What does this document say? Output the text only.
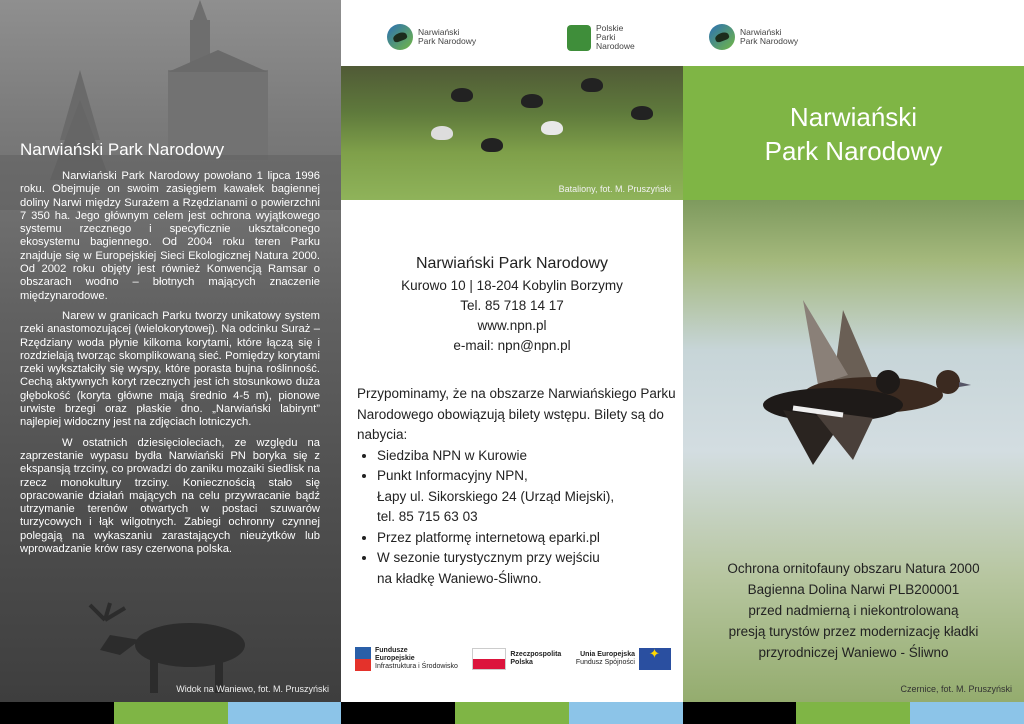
Narwiański Park Narodowy

Narwiański Park Narodowy powołano 1 lipca 1996 roku. Obejmuje on swoim zasięgiem kawałek bagiennej doliny Narwi między Surażem a Rzędzianami o powierzchni 7 350 ha. Jego głównym celem jest ochrona wyjątkowego systemu rzecznego i specyficznie ukształconego ekosystemu bagiennego. Od 2004 roku teren Parku znajduje się w Europejskiej Sieci Ekologicznej Natura 2000. Od 2002 roku objęty jest również Konwencją Ramsar o obszarach wodno – błotnych mających znaczenie międzynarodowe.

Narew w granicach Parku tworzy unikatowy system rzeki anastomozującej (wielokorytowej). Na odcinku Suraż – Rzędziany woda płynie kilkoma korytami, które łączą się i rozdzielają tworząc skomplikowaną sieć. Pomiędzy korytami rzeki wykształciły się wyspy, które porasta bujna roślinność. Cechą aktywnych koryt rzecznych jest ich stosunkowo duża głębokość (koryta główne mają średnio 4-5 m), pionowe urwiste brzegi oraz płaskie dno. „Narwiański labirynt” najlepiej widoczny jest na zdjęciach lotniczych.

W ostatnich dziesięcioleciach, ze względu na zaprzestanie wypasu bydła Narwiański PN boryka się z ekspansją trzciny, co prowadzi do zaniku mozaiki siedlisk na rzecz monokultury trzciny. Koniecznością stało się opracowanie działań mających na celu przywracanie bądź utrzymanie terenów otwartych w postaci szuwarów turzycowych i łąk wilgotnych. Zabiegi ochronny czynnej polegają na wykaszaniu zarastających nieużytków lub wprowadzanie krów rasy czerwona polska.

Widok na Waniewo, fot. M. Pruszyński
Narwiański
Park Narodowy
Polskie
Parki
Narodowe
Bataliony, fot. M. Pruszyński
Narwiański Park Narodowy
Kurowo 10 | 18-204 Kobylin Borzymy
Tel. 85 718 14 17
www.npn.pl
e-mail: npn@npn.pl
Przypominamy, że na obszarze Narwiańskiego Parku Narodowego obowiązują bilety wstępu. Bilety są do nabycia:
• Siedziba NPN w Kurowie
• Punkt Informacyjny NPN,
Łapy ul. Sikorskiego 24 (Urząd Miejski),
tel. 85 715 63 03
• Przez platformę internetową eparki.pl
• W sezonie turystycznym przy wejściu
na kładkę Waniewo-Śliwno.
Fundusze
Europejskie
Infrastruktura i Środowisko
Rzeczpospolita
Polska
Unia Europejska
Fundusz Spójności
✦
Narwiański
Park Narodowy
Narwiański
Park Narodowy
Ochrona ornitofauny obszaru Natura 2000
Bagienna Dolina Narwi PLB200001
przed nadmierną i niekontrolowaną
presją turystów przez modernizację kładki
przyrodniczej Waniewo - Śliwno
Czernice, fot. M. Pruszyński
